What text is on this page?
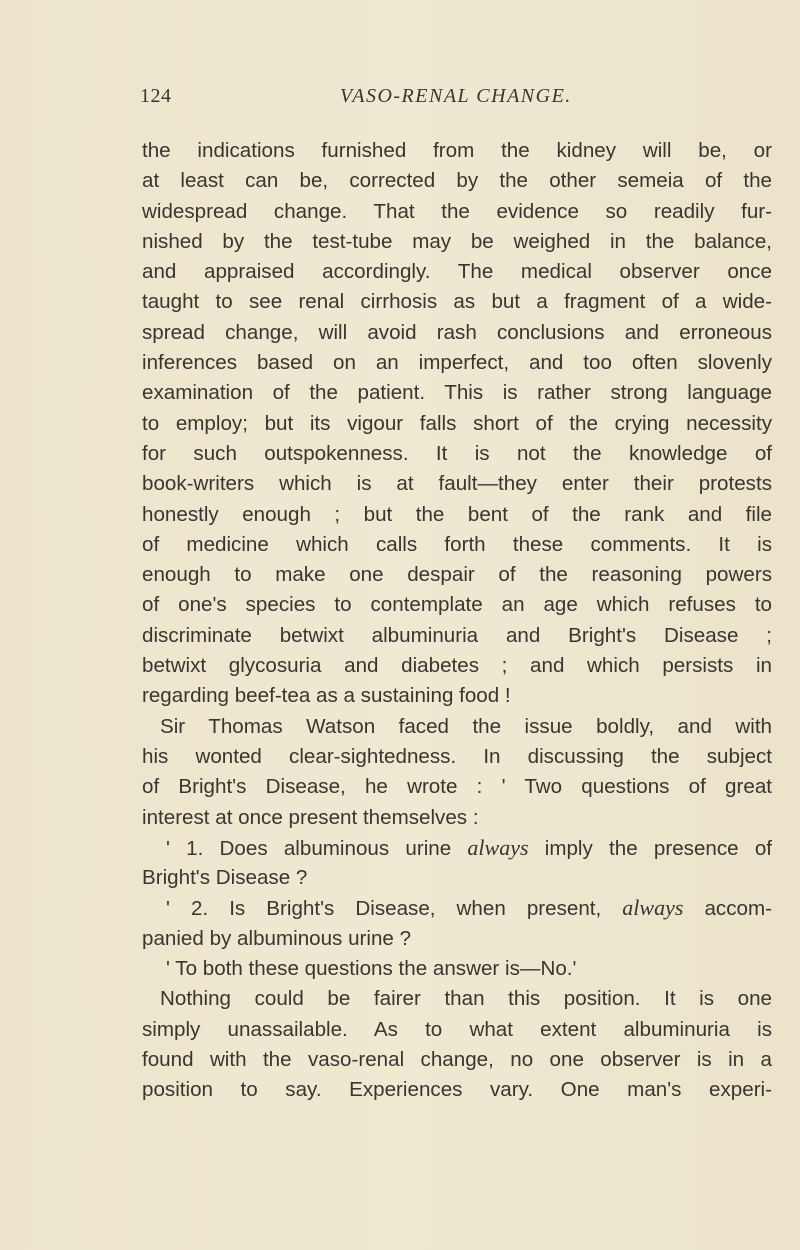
124	VASO-RENAL CHANGE.
the indications furnished from the kidney will be, or
at least can be, corrected by the other semeia of the
widespread change. That the evidence so readily fur-
nished by the test-tube may be weighed in the balance,
and appraised accordingly. The medical observer once
taught to see renal cirrhosis as but a fragment of a wide-
spread change, will avoid rash conclusions and erroneous
inferences based on an imperfect, and too often slovenly
examination of the patient. This is rather strong language
to employ; but its vigour falls short of the crying necessity
for such outspokenness. It is not the knowledge of
book-writers which is at fault—they enter their protests
honestly enough ; but the bent of the rank and file
of medicine which calls forth these comments. It is
enough to make one despair of the reasoning powers
of one's species to contemplate an age which refuses to
discriminate betwixt albuminuria and Bright's Disease ;
betwixt glycosuria and diabetes ; and which persists in
regarding beef-tea as a sustaining food !
Sir Thomas Watson faced the issue boldly, and with
his wonted clear-sightedness. In discussing the subject
of Bright's Disease, he wrote : ' Two questions of great
interest at once present themselves :
' 1. Does albuminous urine always imply the presence of
Bright's Disease ?
' 2. Is Bright's Disease, when present, always accom-
panied by albuminous urine ?
' To both these questions the answer is—No.'
Nothing could be fairer than this position. It is one
simply unassailable. As to what extent albuminuria is
found with the vaso-renal change, no one observer is in a
position to say. Experiences vary. One man's experi-
